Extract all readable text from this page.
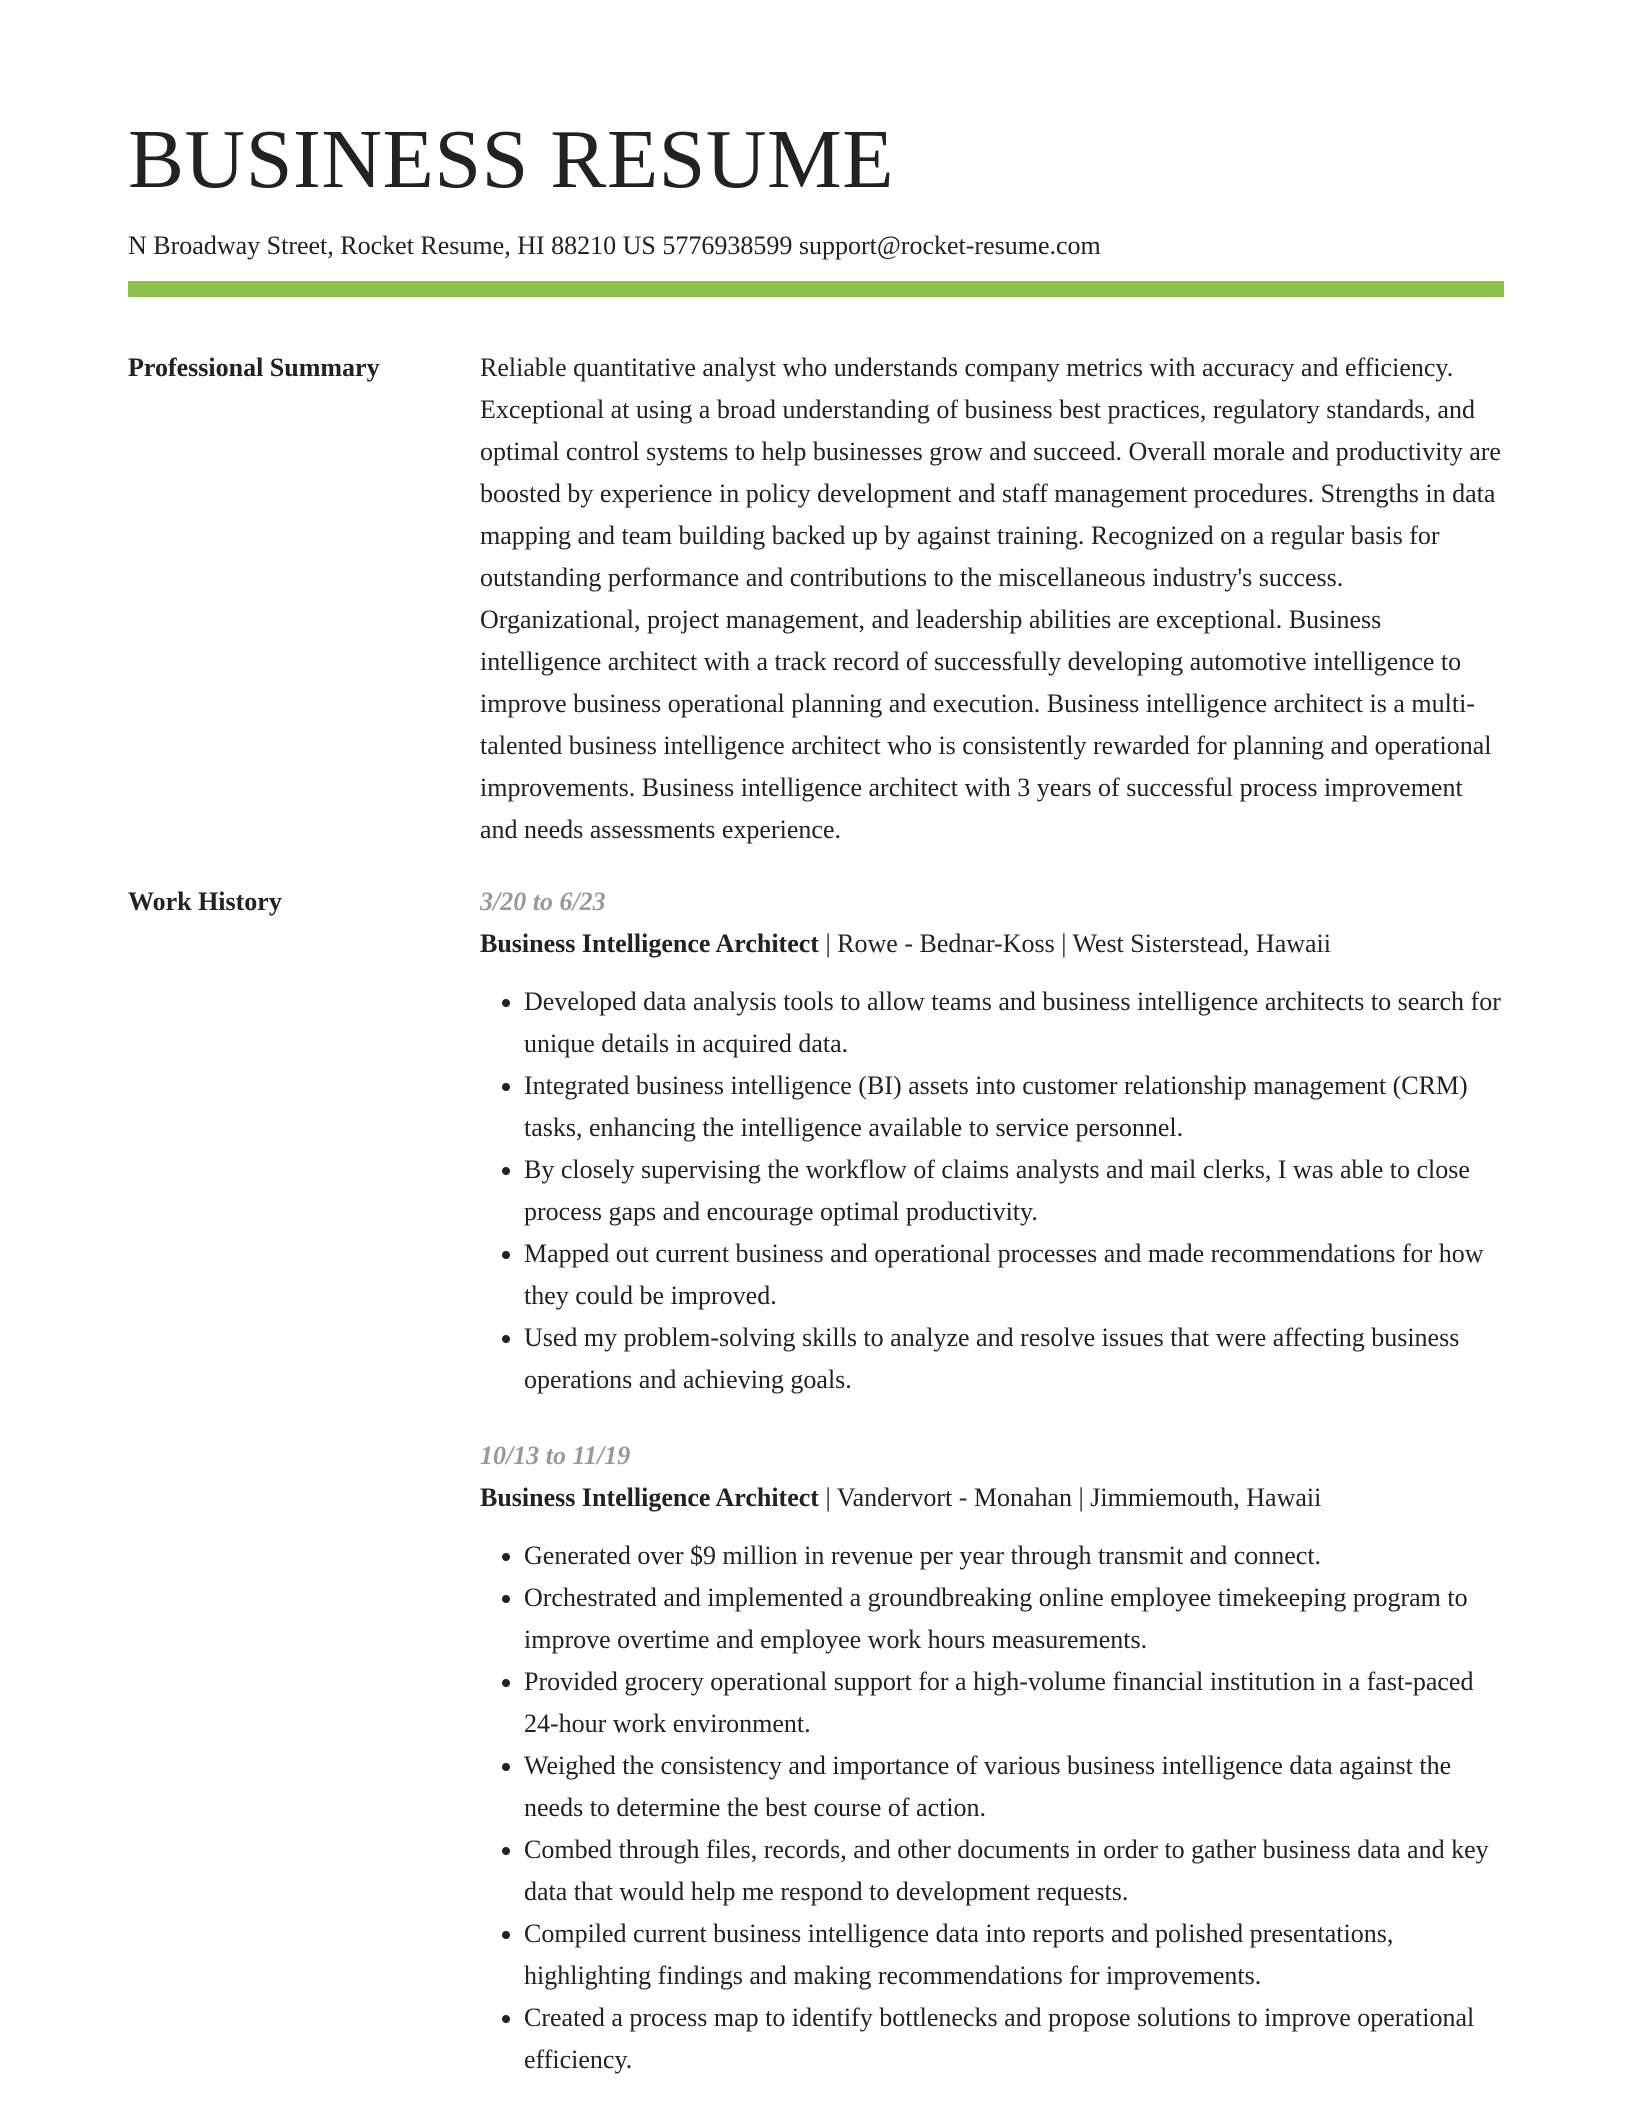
BUSINESS RESUME
N Broadway Street, Rocket Resume, HI 88210 US 5776938599 support@rocket-resume.com
Professional Summary	Reliable quantitative analyst who understands company metrics with accuracy and efficiency. Exceptional at using a broad understanding of business best practices, regulatory standards, and optimal control systems to help businesses grow and succeed. Overall morale and productivity are boosted by experience in policy development and staff management procedures. Strengths in data mapping and team building backed up by against training. Recognized on a regular basis for outstanding performance and contributions to the miscellaneous industry's success. Organizational, project management, and leadership abilities are exceptional. Business intelligence architect with a track record of successfully developing automotive intelligence to improve business operational planning and execution. Business intelligence architect is a multi-talented business intelligence architect who is consistently rewarded for planning and operational improvements. Business intelligence architect with 3 years of successful process improvement and needs assessments experience.

Work History	3/20 to 6/23
Business Intelligence Architect | Rowe - Bednar-Koss | West Sisterstead, Hawaii
• Developed data analysis tools to allow teams and business intelligence architects to search for unique details in acquired data.
• Integrated business intelligence (BI) assets into customer relationship management (CRM) tasks, enhancing the intelligence available to service personnel.
• By closely supervising the workflow of claims analysts and mail clerks, I was able to close process gaps and encourage optimal productivity.
• Mapped out current business and operational processes and made recommendations for how they could be improved.
• Used my problem-solving skills to analyze and resolve issues that were affecting business operations and achieving goals.
10/13 to 11/19
Business Intelligence Architect | Vandervort - Monahan | Jimmiemouth, Hawaii
• Generated over $9 million in revenue per year through transmit and connect.
• Orchestrated and implemented a groundbreaking online employee timekeeping program to improve overtime and employee work hours measurements.
• Provided grocery operational support for a high-volume financial institution in a fast-paced 24-hour work environment.
• Weighed the consistency and importance of various business intelligence data against the needs to determine the best course of action.
• Combed through files, records, and other documents in order to gather business data and key data that would help me respond to development requests.
• Compiled current business intelligence data into reports and polished presentations, highlighting findings and making recommendations for improvements.
• Created a process map to identify bottlenecks and propose solutions to improve operational efficiency.
